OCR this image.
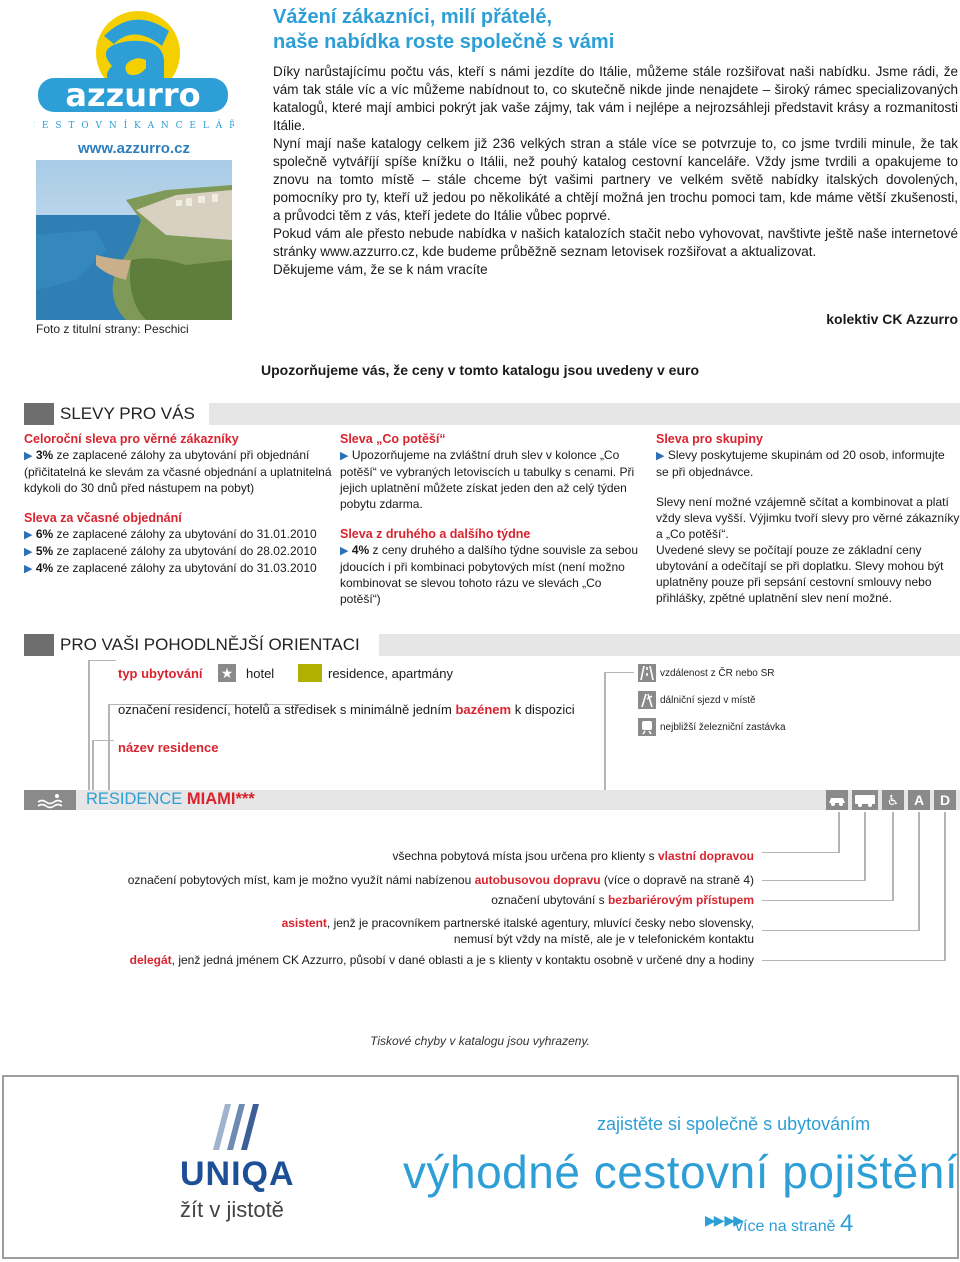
azzurro
C E S T O V N Í K A N C E L Á Ř
www.azzurro.cz
Foto z titulní strany: Peschici
Vážení zákazníci, milí přátelé,
naše nabídka roste společně s vámi

Díky narůstajícímu počtu vás, kteří s námi jezdíte do Itálie, můžeme stále rozšiřovat naši nabídku. Jsme rádi, že vám tak stále víc a víc můžeme nabídnout to, co skutečně nikde jinde nenajdete – široký rámec specializovaných katalogů, které mají ambici pokrýt jak vaše zájmy, tak vám i nejlépe a nejrozsáhleji představit krásy a rozmanitosti Itálie.

Nyní mají naše katalogy celkem již 236 velkých stran a stále více se potvrzuje to, co jsme tvrdili minule, že tak společně vytváříjí spíše knížku o Itálii, než pouhý katalog cestovní kanceláře. Vždy jsme tvrdili a opakujeme to znovu na tomto místě – stále chceme být vašimi partnery ve velkém světě nabídky italských dovolených, pomocníky pro ty, kteří už jedou po několikáté a chtějí možná jen trochu pomoci tam, kde máme větší zkušenosti, a průvodci těm z vás, kteří jedete do Itálie vůbec poprvé.

Pokud vám ale přesto nebude nabídka v našich katalozích stačit nebo vyhovovat, navštivte ještě naše internetové stránky www.azzurro.cz, kde budeme průběžně seznam letovisek rozšiřovat a aktualizovat.

Děkujeme vám, že se k nám vracíte

kolektiv CK Azzurro
Upozorňujeme vás, že ceny v tomto katalogu jsou uvedeny v euro
SLEVY PRO VÁS
Celoroční sleva pro věrné zákazníky
▶ 3% ze zaplacené zálohy za ubytování při objednání (přičitatelná ke slevám za včasné objednání a uplatnitelná kdykoli do 30 dnů před nástupem na pobyt)
Sleva za včasné objednání
▶ 6% ze zaplacené zálohy za ubytování do 31.01.2010
▶ 5% ze zaplacené zálohy za ubytování do 28.02.2010
▶ 4% ze zaplacené zálohy za ubytování do 31.03.2010
Sleva „Co potěší“
▶ Upozorňujeme na zvláštní druh slev v kolonce „Co potěší“ ve vybraných letoviscích u tabulky s cenami. Při jejich uplatnění můžete získat jeden den až celý týden pobytu zdarma.
Sleva z druhého a dalšího týdne
▶ 4% z ceny druhého a dalšího týdne souvisle za sebou jdoucích i při kombinaci pobytových míst (není možno kombinovat se slevou tohoto rázu ve slevách „Co potěší“)
Sleva pro skupiny
▶ Slevy poskytujeme skupinám od 20 osob, informujte se při objednávce.
Slevy není možné vzájemně sčítat a kombinovat a platí vždy sleva vyšší. Výjimku tvoří slevy pro věrné zákazníky a „Co potěší“.
Uvedené slevy se počítají pouze ze základní ceny ubytování a odečítají se při doplatku. Slevy mohou být uplatněny pouze při sepsání cestovní smlouvy nebo přihlášky, zpětné uplatnění slev není možné.
PRO VAŠI POHODLNĚJŠÍ ORIENTACI
typ ubytování ★ hotel	residence, apartmány
označení residencí, hotelů a středisek s minimálně jedním bazénem k dispozici
název residence
vzdálenost z ČR nebo SR
dálniční sjezd v místě
nejbližší železniční zastávka
RESIDENCE MIAMI***	♿	A	D
všechna pobytová místa jsou určena pro klienty s vlastní dopravou
označení pobytových míst, kam je možno využít námi nabízenou autobusovou dopravu (více o dopravě na straně 4)
označení ubytování s bezbariérovým přístupem
asistent, jenž je pracovníkem partnerské italské agentury, mluvící česky nebo slovensky,
nemusí být vždy na místě, ale je v telefonickém kontaktu
delegát, jenž jedná jménem CK Azzurro, působí v dané oblasti a je s klienty v kontaktu osobně v určené dny a hodiny
Tiskové chyby v katalogu jsou vyhrazeny.
UNIQA
žít v jistotě
zajistěte si společně s ubytováním
výhodné cestovní pojištění
▶▶ ▶▶
více na straně 4
